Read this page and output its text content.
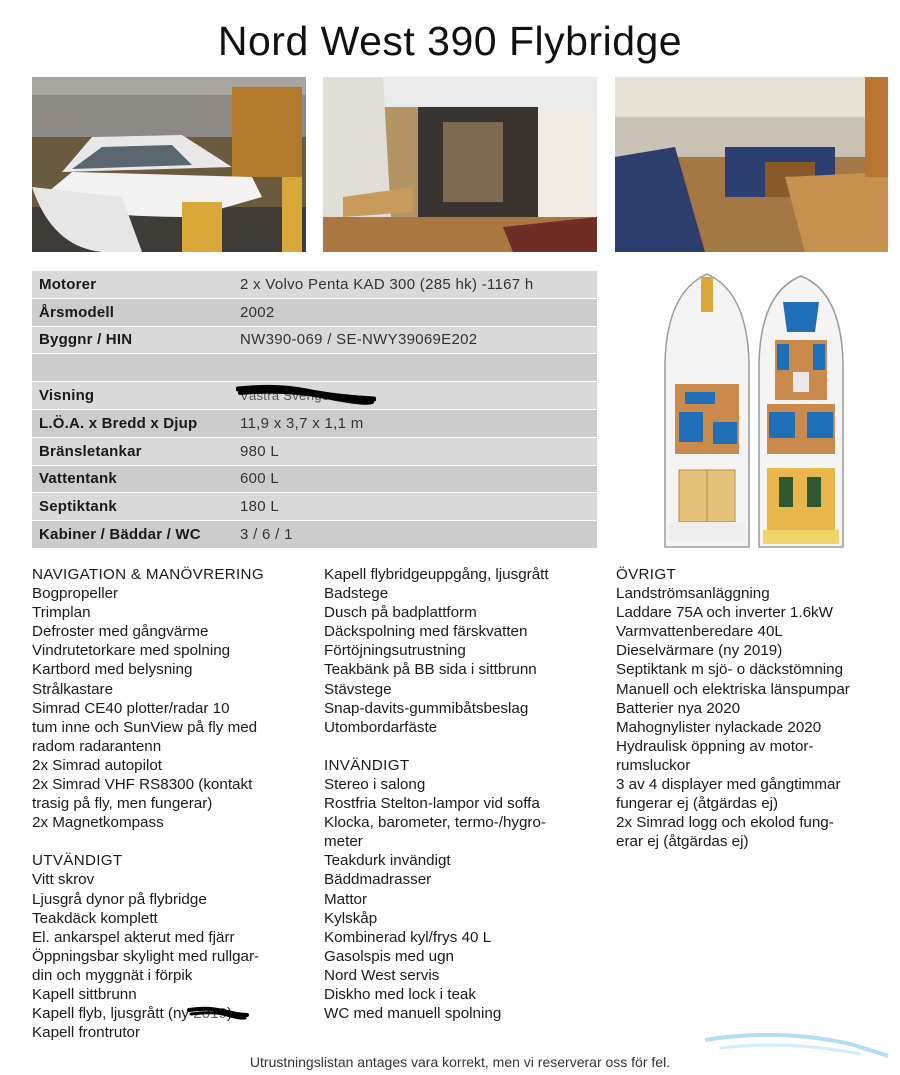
Nord West 390 Flybridge
Motorer	2 x Volvo Penta KAD 300 (285 hk) -1167 h
Årsmodell	2002
Byggnr / HIN	NW390-069 / SE-NWY39069E202
Visning	Västra Sverige
L.Ö.A. x Bredd x Djup	11,9 x 3,7 x 1,1 m
Bränsletankar	980 L
Vattentank	600 L
Septiktank	180 L
Kabiner / Bäddar / WC	3 / 6 / 1
NAVIGATION & MANÖVRERING
Bogpropeller
Trimplan
Defroster med gångvärme
Vindrutetorkare med spolning
Kartbord med belysning
Strålkastare
Simrad CE40 plotter/radar 10
tum inne och SunView på fly med
radom radarantenn
2x Simrad autopilot
2x Simrad VHF RS8300 (kontakt
trasig på fly, men fungerar)
2x Magnetkompass
UTVÄNDIGT
Vitt skrov
Ljusgrå dynor på flybridge
Teakdäck komplett
El. ankarspel akterut med fjärr
Öppningsbar skylight med rullgar-
din och myggnät i förpik
Kapell sittbrunn
Kapell flyb, ljusgrått (ny 2019
)
Kapell frontrutor
Kapell flybridgeuppgång, ljusgrått
Badstege
Dusch på badplattform
Däckspolning med färskvatten
Förtöjningsutrustning
Teakbänk på BB sida i sittbrunn
Stävstege
Snap-davits-gummibåtsbeslag
Utombordarfäste
INVÄNDIGT
Stereo i salong
Rostfria Stelton-lampor vid soffa
Klocka, barometer, termo-/hygro-
meter
Teakdurk invändigt
Bäddmadrasser
Mattor
Kylskåp
Kombinerad kyl/frys 40 L
Gasolspis med ugn
Nord West servis
Diskho med lock i teak
WC med manuell spolning
ÖVRIGT
Landströmsanläggning
Laddare 75A och inverter 1.6kW
Varmvattenberedare 40L
Dieselvärmare (ny 2019)
Septiktank m sjö- o däckstömning
Manuell och elektriska länspumpar
Batterier nya 2020
Mahognylister nylackade 2020
Hydraulisk öppning av motor-
rumsluckor
3 av 4 displayer med gångtimmar
fungerar ej (åtgärdas ej)
2x Simrad logg och ekolod fung-
erar ej (åtgärdas ej)
Utrustningslistan antages vara korrekt, men vi reserverar oss för fel.
